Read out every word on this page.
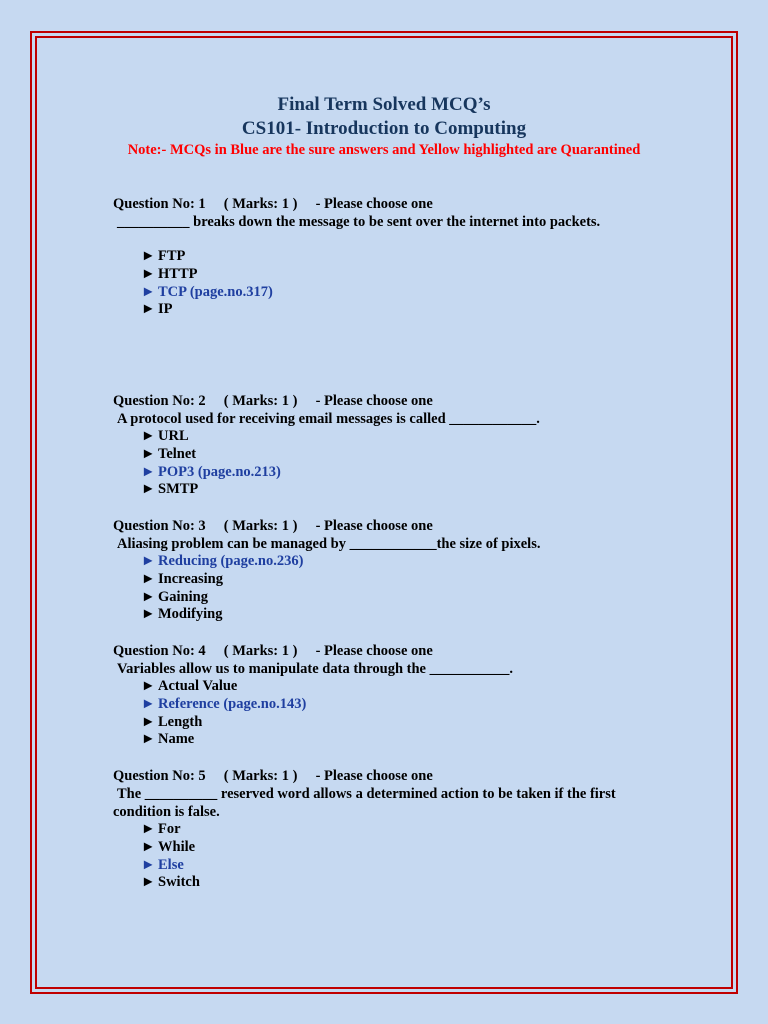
Final Term Solved MCQ’s
CS101- Introduction to Computing
Note:- MCQs in Blue are the sure answers and Yellow highlighted are Quarantined
Question No: 1     ( Marks: 1 )     - Please choose one
__________ breaks down the message to be sent over the internet into packets.
► FTP
► HTTP
► TCP (page.no.317)
► IP
Question No: 2     ( Marks: 1 )     - Please choose one
A protocol used for receiving email messages is called ____________.
► URL
► Telnet
► POP3 (page.no.213)
► SMTP
Question No: 3     ( Marks: 1 )     - Please choose one
Aliasing problem can be managed by ____________the size of pixels.
► Reducing (page.no.236)
► Increasing
► Gaining
► Modifying
Question No: 4     ( Marks: 1 )     - Please choose one
Variables allow us to manipulate data through the ___________.
► Actual Value
► Reference (page.no.143)
► Length
► Name
Question No: 5     ( Marks: 1 )     - Please choose one
The __________ reserved word allows a determined action to be taken if the first
condition is false.
► For
► While
► Else
► Switch
